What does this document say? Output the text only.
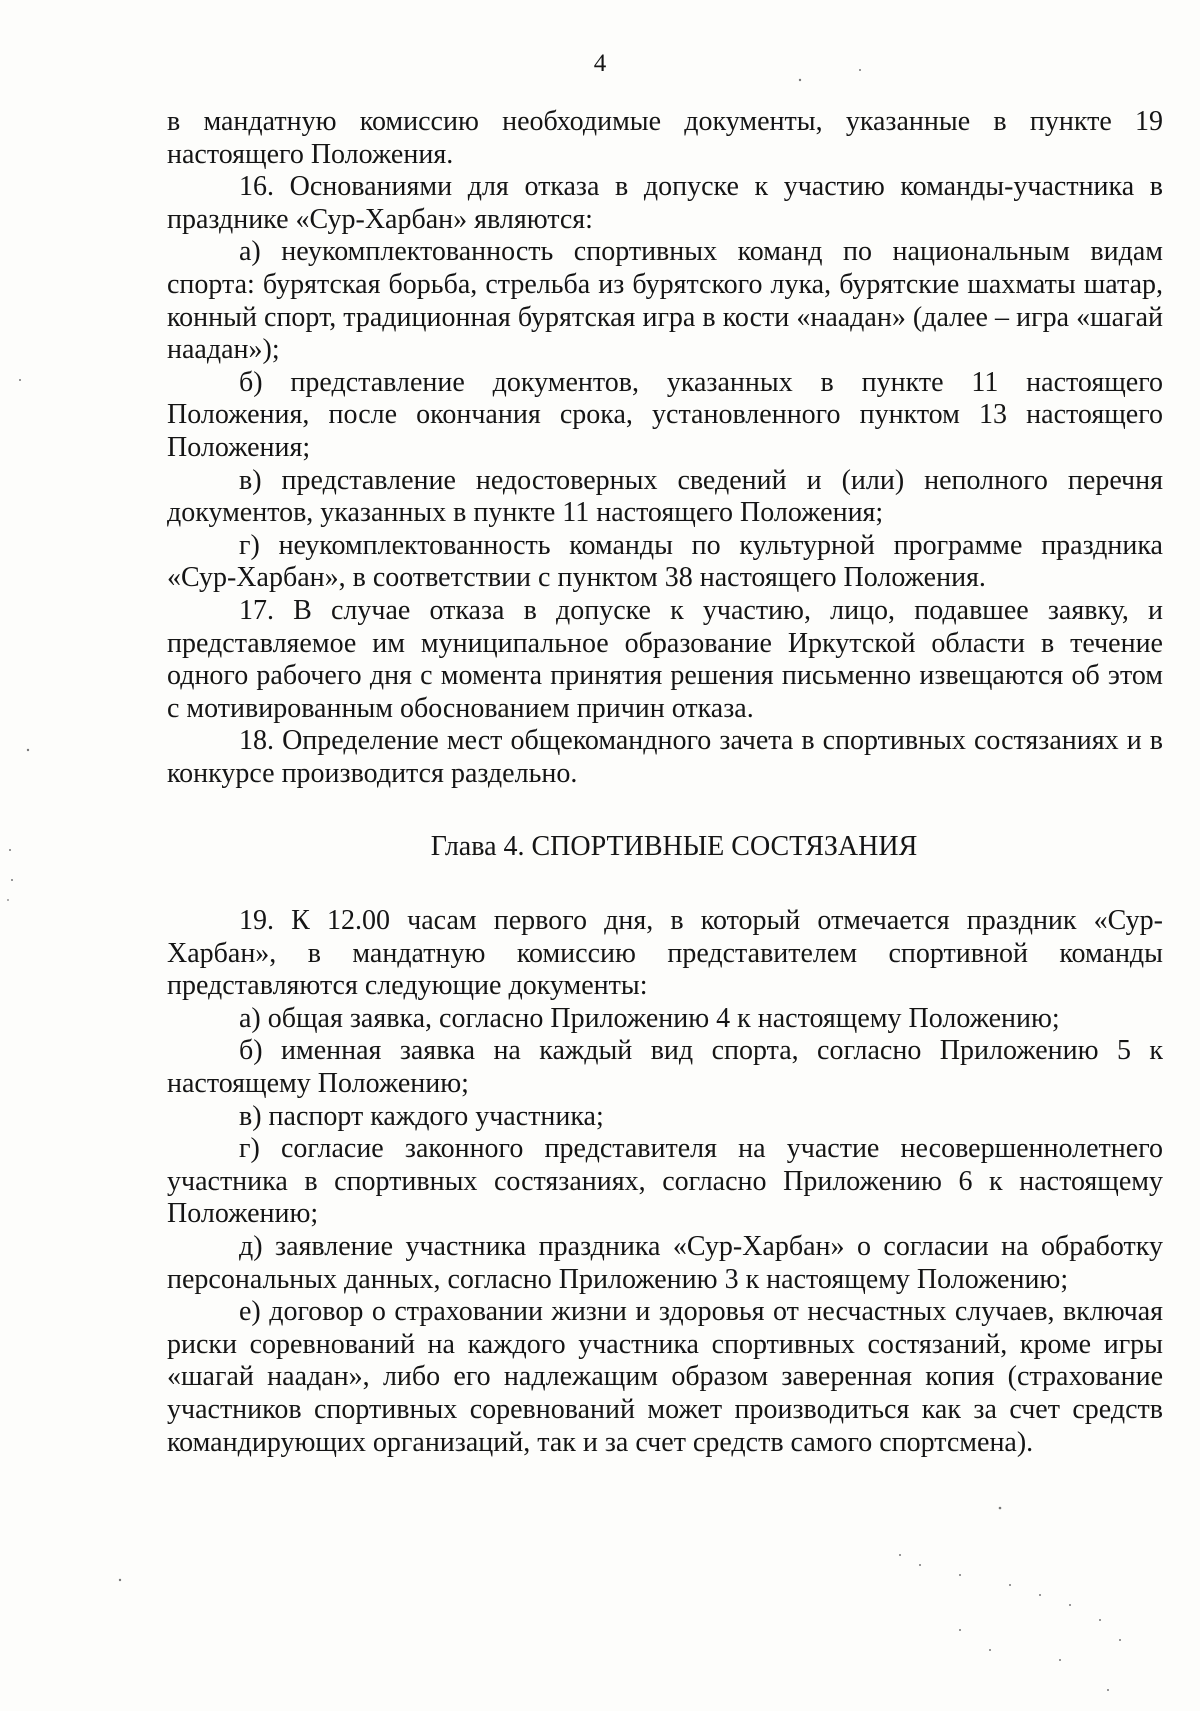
4

в мандатную комиссию необходимые документы, указанные в пункте 19 настоящего Положения.

16. Основаниями для отказа в допуске к участию команды-участника в празднике «Сур-Харбан» являются:

а) неукомплектованность спортивных команд по национальным видам спорта: бурятская борьба, стрельба из бурятского лука, бурятские шахматы шатар, конный спорт, традиционная бурятская игра в кости «наадан» (далее – игра «шагай наадан»);

б) представление документов, указанных в пункте 11 настоящего Положения, после окончания срока, установленного пунктом 13 настоящего Положения;

в) представление недостоверных сведений и (или) неполного перечня документов, указанных в пункте 11 настоящего Положения;

г) неукомплектованность команды по культурной программе праздника «Сур-Харбан», в соответствии с пунктом 38 настоящего Положения.

17. В случае отказа в допуске к участию, лицо, подавшее заявку, и представляемое им муниципальное образование Иркутской области в течение одного рабочего дня с момента принятия решения письменно извещаются об этом с мотивированным обоснованием причин отказа.

18. Определение мест общекомандного зачета в спортивных состязаниях и в конкурсе производится раздельно.

Глава 4. СПОРТИВНЫЕ СОСТЯЗАНИЯ

19. К 12.00 часам первого дня, в который отмечается праздник «Сур-Харбан», в мандатную комиссию представителем спортивной команды представляются следующие документы:

а) общая заявка, согласно Приложению 4 к настоящему Положению;

б) именная заявка на каждый вид спорта, согласно Приложению 5 к настоящему Положению;

в) паспорт каждого участника;

г) согласие законного представителя на участие несовершеннолетнего участника в спортивных состязаниях, согласно Приложению 6 к настоящему Положению;

д) заявление участника праздника «Сур-Харбан» о согласии на обработку персональных данных, согласно Приложению 3 к настоящему Положению;

е) договор о страховании жизни и здоровья от несчастных случаев, включая риски соревнований на каждого участника спортивных состязаний, кроме игры «шагай наадан», либо его надлежащим образом заверенная копия (страхование участников спортивных соревнований может производиться как за счет средств командирующих организаций, так и за счет средств самого спортсмена).
